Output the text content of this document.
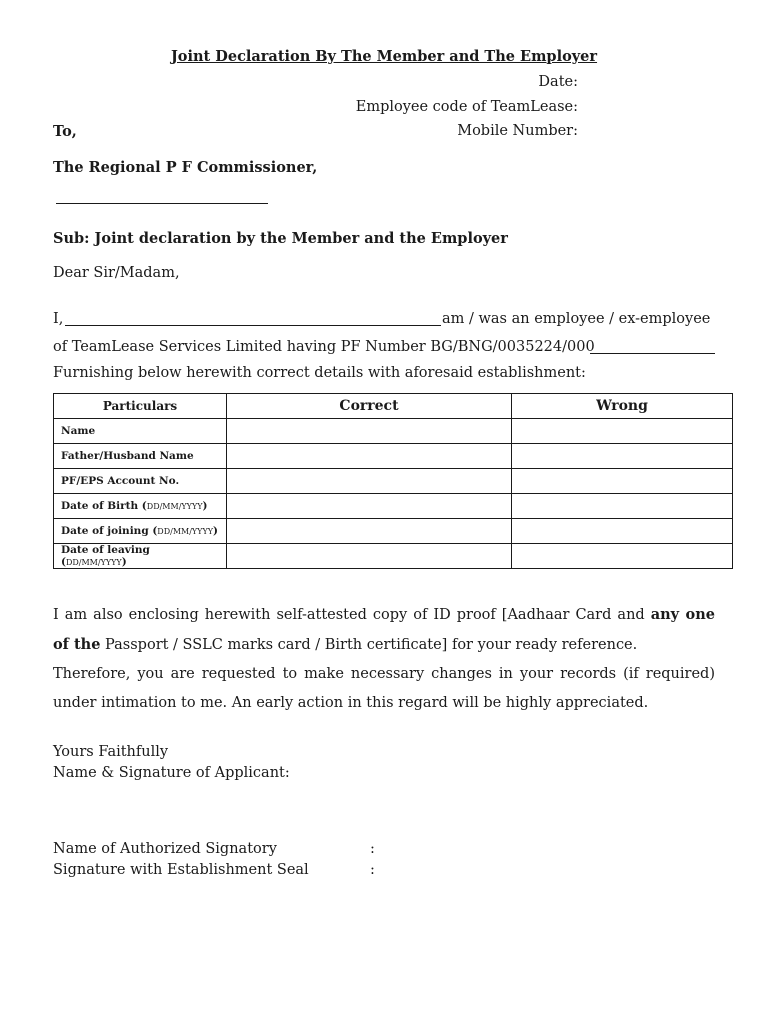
Joint Declaration By The Member and The Employer
Date:
Employee code of TeamLease:
Mobile Number:
To,
The Regional P F Commissioner,
Sub: Joint declaration by the Member and the Employer
Dear Sir/Madam,
I,	am / was an employee / ex-employee
of TeamLease Services Limited having PF Number BG/BNG/0035224/000
Furnishing below herewith correct details with aforesaid establishment:
Particulars	Correct	Wrong
Name		
Father/Husband Name		
PF/EPS Account No.		
Date of Birth (DD/MM/YYYY)		
Date of joining (DD/MM/YYYY)		
Date of leaving (DD/MM/YYYY)		
I am also enclosing herewith self-attested copy of ID proof [Aadhaar Card and any one of the Passport / SSLC marks card / Birth certificate] for your ready reference.
Therefore, you are requested to make necessary changes in your records (if required) under intimation to me. An early action in this regard will be highly appreciated.
Yours Faithfully
Name & Signature of Applicant:
Name of Authorized Signatory	:
Signature with Establishment Seal	:
